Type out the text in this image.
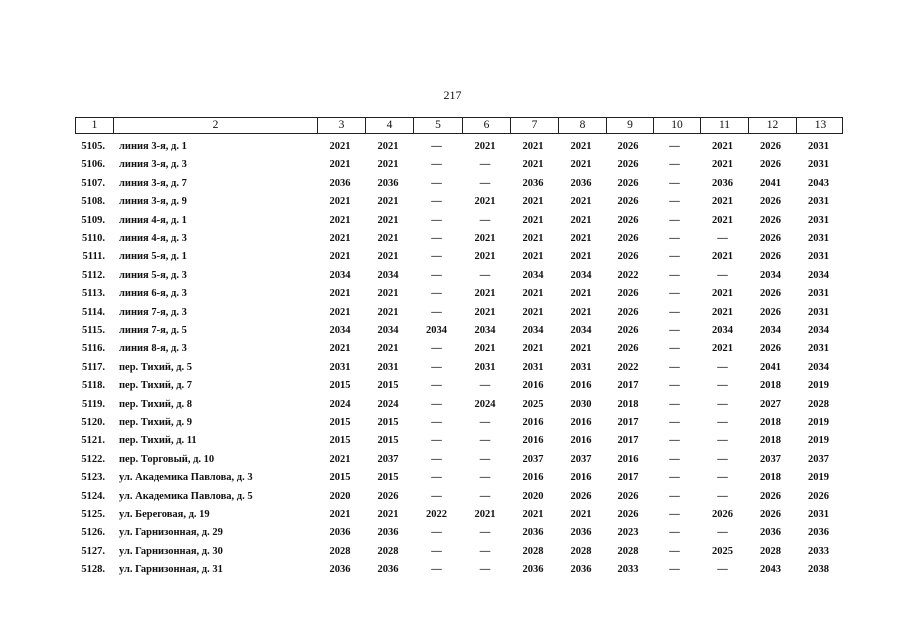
217
1	2	3	4	5	6	7	8	9	10	11	12	13
5105. линия 3-я, д. 1	2021	2021	—	2021	2021	2021	2026	—	2021	2026	2031
5106. линия 3-я, д. 3	2021	2021	—	—	2021	2021	2026	—	2021	2026	2031
5107. линия 3-я, д. 7	2036	2036	—	—	2036	2036	2026	—	2036	2041	2043
5108. линия 3-я, д. 9	2021	2021	—	2021	2021	2021	2026	—	2021	2026	2031
5109. линия 4-я, д. 1	2021	2021	—	—	2021	2021	2026	—	2021	2026	2031
5110. линия 4-я, д. 3	2021	2021	—	2021	2021	2021	2026	—	—	2026	2031
5111. линия 5-я, д. 1	2021	2021	—	2021	2021	2021	2026	—	2021	2026	2031
5112. линия 5-я, д. 3	2034	2034	—	—	2034	2034	2022	—	—	2034	2034
5113. линия 6-я, д. 3	2021	2021	—	2021	2021	2021	2026	—	2021	2026	2031
5114. линия 7-я, д. 3	2021	2021	—	2021	2021	2021	2026	—	2021	2026	2031
5115. линия 7-я, д. 5	2034	2034	2034	2034	2034	2034	2026	—	2034	2034	2034
5116. линия 8-я, д. 3	2021	2021	—	2021	2021	2021	2026	—	2021	2026	2031
5117. пер. Тихий, д. 5	2031	2031	—	2031	2031	2031	2022	—	—	2041	2034
5118. пер. Тихий, д. 7	2015	2015	—	—	2016	2016	2017	—	—	2018	2019
5119. пер. Тихий, д. 8	2024	2024	—	2024	2025	2030	2018	—	—	2027	2028
5120. пер. Тихий, д. 9	2015	2015	—	—	2016	2016	2017	—	—	2018	2019
5121. пер. Тихий, д. 11	2015	2015	—	—	2016	2016	2017	—	—	2018	2019
5122. пер. Торговый, д. 10	2021	2037	—	—	2037	2037	2016	—	—	2037	2037
5123. ул. Академика Павлова, д. 3	2015	2015	—	—	2016	2016	2017	—	—	2018	2019
5124. ул. Академика Павлова, д. 5	2020	2026	—	—	2020	2026	2026	—	—	2026	2026
5125. ул. Береговая, д. 19	2021	2021	2022	2021	2021	2021	2026	—	2026	2026	2031
5126. ул. Гарнизонная, д. 29	2036	2036	—	—	2036	2036	2023	—	—	2036	2036
5127. ул. Гарнизонная, д. 30	2028	2028	—	—	2028	2028	2028	—	2025	2028	2033
5128. ул. Гарнизонная, д. 31	2036	2036	—	—	2036	2036	2033	—	—	2043	2038
